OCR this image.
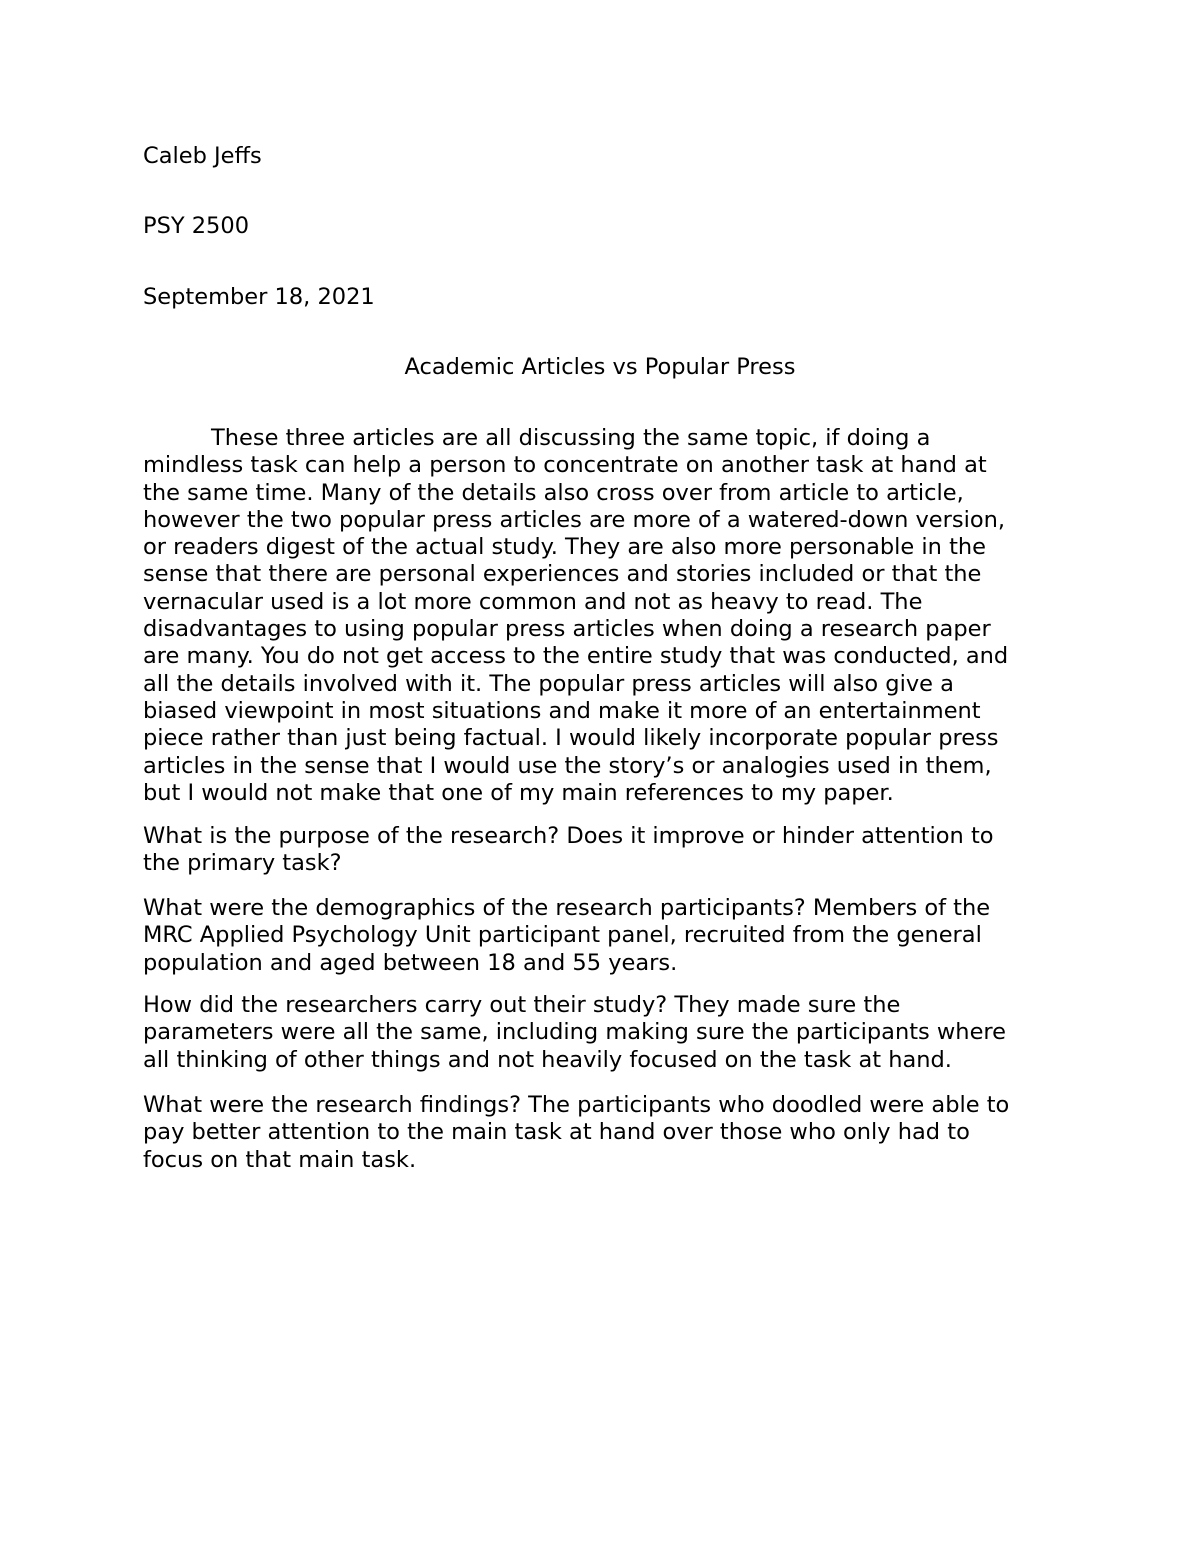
Caleb Jeffs

PSY 2500

September 18, 2021

Academic Articles vs Popular Press

These three articles are all discussing the same topic, if doing a
mindless task can help a person to concentrate on another task at hand at
the same time. Many of the details also cross over from article to article,
however the two popular press articles are more of a watered-down version,
or readers digest of the actual study. They are also more personable in the
sense that there are personal experiences and stories included or that the
vernacular used is a lot more common and not as heavy to read. The
disadvantages to using popular press articles when doing a research paper
are many. You do not get access to the entire study that was conducted, and
all the details involved with it. The popular press articles will also give a
biased viewpoint in most situations and make it more of an entertainment
piece rather than just being factual. I would likely incorporate popular press
articles in the sense that I would use the story’s or analogies used in them,
but I would not make that one of my main references to my paper.
What is the purpose of the research? Does it improve or hinder attention to
the primary task?
What were the demographics of the research participants? Members of the
MRC Applied Psychology Unit participant panel, recruited from the general
population and aged between 18 and 55 years.
How did the researchers carry out their study? They made sure the
parameters were all the same, including making sure the participants where
all thinking of other things and not heavily focused on the task at hand.
What were the research findings? The participants who doodled were able to
pay better attention to the main task at hand over those who only had to
focus on that main task.
